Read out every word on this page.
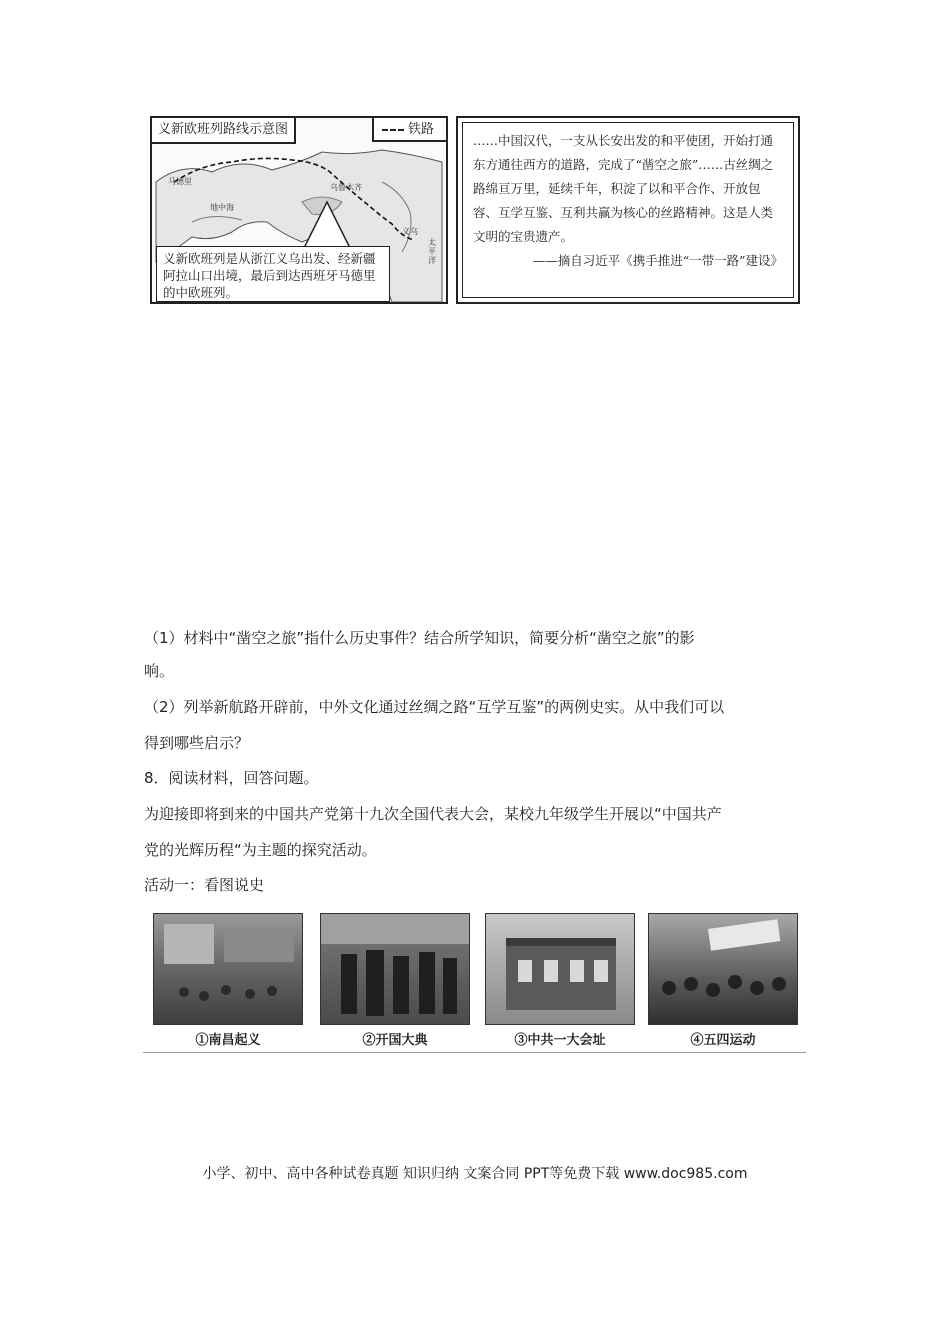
义新欧班列路线示意图	铁路
马德里
地中海
乌鲁木齐
义乌
太平洋
义新欧班列是从浙江义乌出发、经新疆阿拉山口出境，最后到达西班牙马德里的中欧班列。
……中国汉代，一支从长安出发的和平使团，开始打通东方通往西方的道路，完成了“凿空之旅”……古丝绸之路绵亘万里，延续千年，积淀了以和平合作、开放包容、互学互鉴、互利共赢为核心的丝路精神。这是人类文明的宝贵遗产。
——摘自习近平《携手推进“一带一路”建设》
（1）材料中“凿空之旅”指什么历史事件？结合所学知识，简要分析“凿空之旅”的影
响。
（2）列举新航路开辟前，中外文化通过丝绸之路“互学互鉴”的两例史实。从中我们可以
得到哪些启示？
8．阅读材料，回答问题。
为迎接即将到来的中国共产党第十九次全国代表大会，某校九年级学生开展以“中国共产
党的光辉历程“为主题的探究活动。
活动一：看图说史
①南昌起义	②开国大典	③中共一大会址	④五四运动
小学、初中、高中各种试卷真题 知识归纳 文案合同 PPT等免费下载 www.doc985.com
